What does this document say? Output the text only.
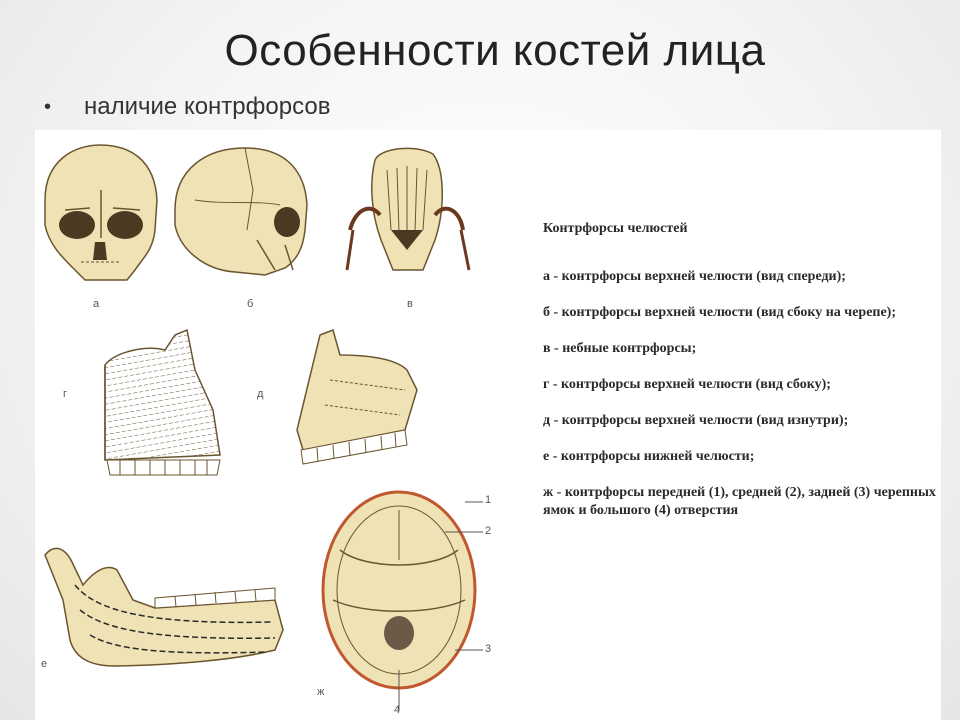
Особенности костей лица
•	наличие контрфорсов
а	б	в
г	д
е
ж
1
2
3
4
Контрфорсы челюстей
а - контрфорсы верхней челюсти (вид спереди);
б - контрфорсы верхней челюсти (вид сбоку на черепе);
в - небные контрфорсы;
г - контрфорсы верхней челюсти (вид сбоку);
д - контрфорсы верхней челюсти (вид изнутри);
е - контрфорсы нижней челюсти;
ж - контрфорсы передней (1), средней (2), задней (3) черепных ямок и большого (4) отверстия
